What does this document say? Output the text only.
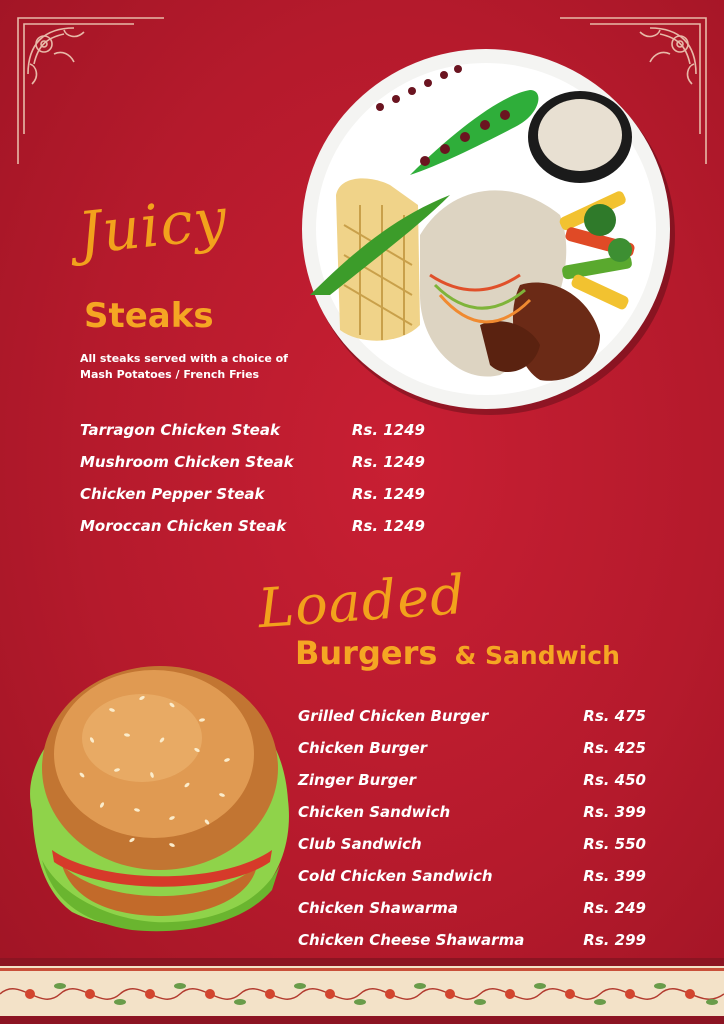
Juicy
Steaks
All steaks served with a choice of
Mash Potatoes / French Fries
Tarragon Chicken Steak	Rs. 1249
Mushroom Chicken Steak	Rs. 1249
Chicken Pepper Steak	Rs. 1249
Moroccan Chicken Steak	Rs. 1249
Loaded
Burgers & Sandwich
Grilled Chicken Burger	Rs. 475
Chicken Burger	Rs. 425
Zinger Burger	Rs. 450
Chicken Sandwich	Rs. 399
Club Sandwich	Rs. 550
Cold Chicken Sandwich	Rs. 399
Chicken Shawarma	Rs. 249
Chicken Cheese Shawarma	Rs. 299
